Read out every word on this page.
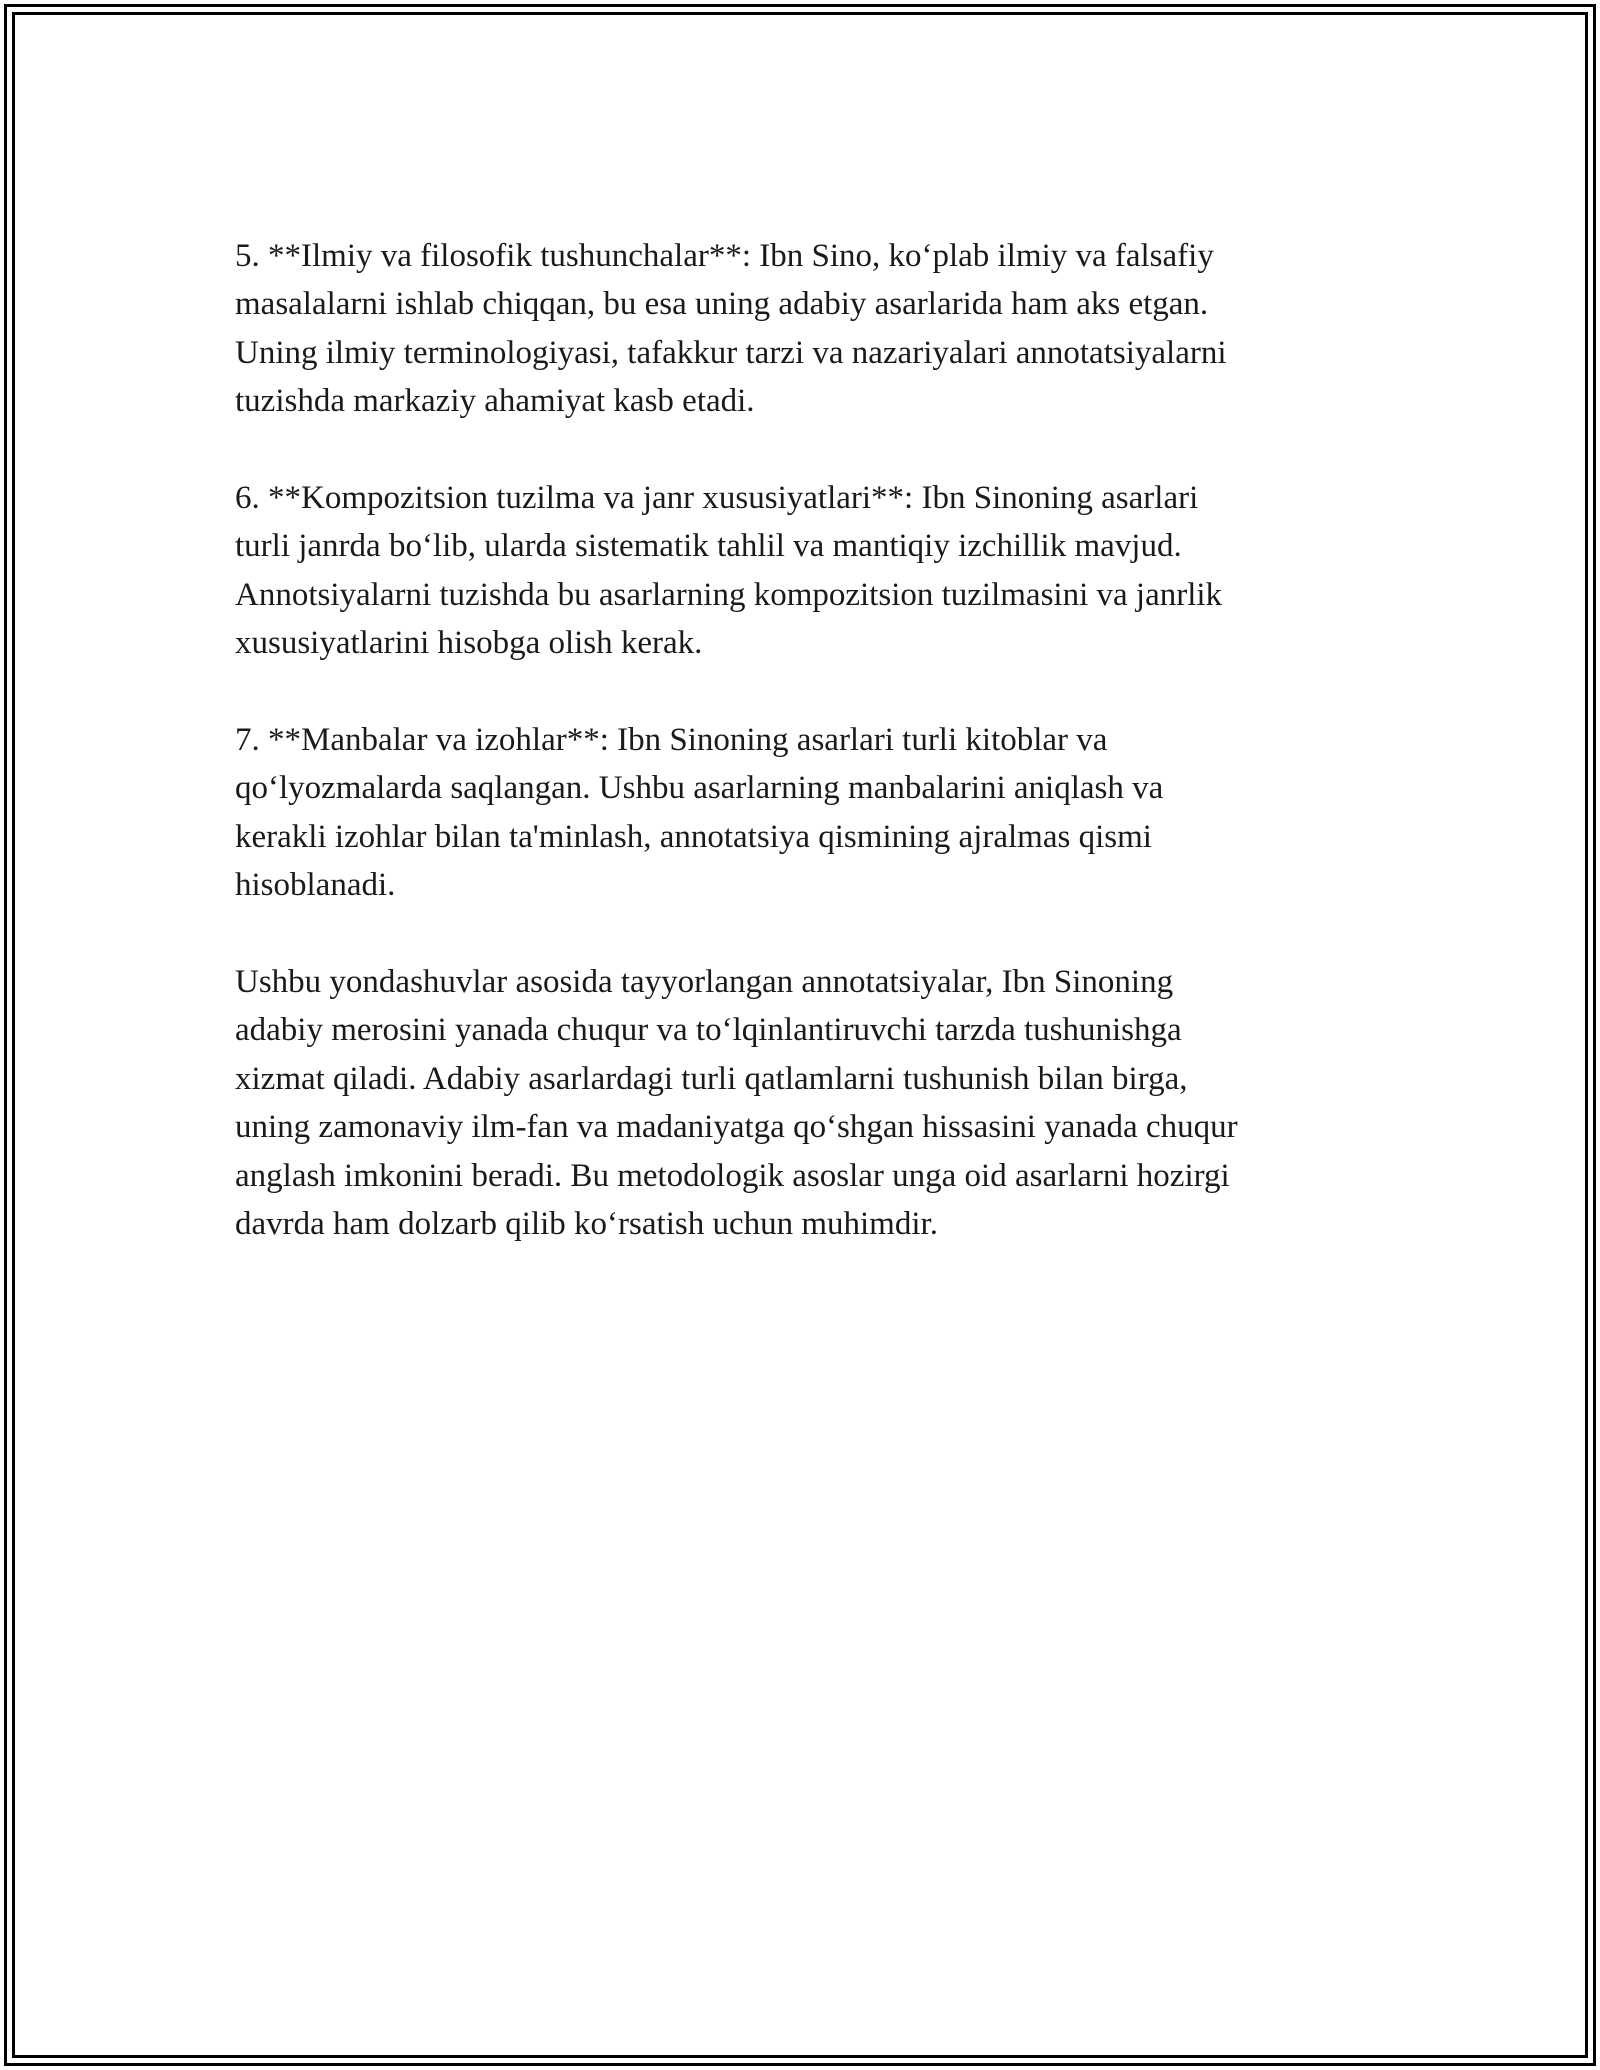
5. **Ilmiy va filosofik tushunchalar**: Ibn Sino, ko‘plab ilmiy va falsafiy
masalalarni ishlab chiqqan, bu esa uning adabiy asarlarida ham aks etgan.
Uning ilmiy terminologiyasi, tafakkur tarzi va nazariyalari annotatsiyalarni
tuzishda markaziy ahamiyat kasb etadi.

6. **Kompozitsion tuzilma va janr xususiyatlari**: Ibn Sinoning asarlari
turli janrda bo‘lib, ularda sistematik tahlil va mantiqiy izchillik mavjud.
Annotsiyalarni tuzishda bu asarlarning kompozitsion tuzilmasini va janrlik
xususiyatlarini hisobga olish kerak.

7. **Manbalar va izohlar**: Ibn Sinoning asarlari turli kitoblar va
qo‘lyozmalarda saqlangan. Ushbu asarlarning manbalarini aniqlash va
kerakli izohlar bilan ta'minlash, annotatsiya qismining ajralmas qismi
hisoblanadi.

Ushbu yondashuvlar asosida tayyorlangan annotatsiyalar, Ibn Sinoning
adabiy merosini yanada chuqur va to‘lqinlantiruvchi tarzda tushunishga
xizmat qiladi. Adabiy asarlardagi turli qatlamlarni tushunish bilan birga,
uning zamonaviy ilm-fan va madaniyatga qo‘shgan hissasini yanada chuqur
anglash imkonini beradi. Bu metodologik asoslar unga oid asarlarni hozirgi
davrda ham dolzarb qilib ko‘rsatish uchun muhimdir.
